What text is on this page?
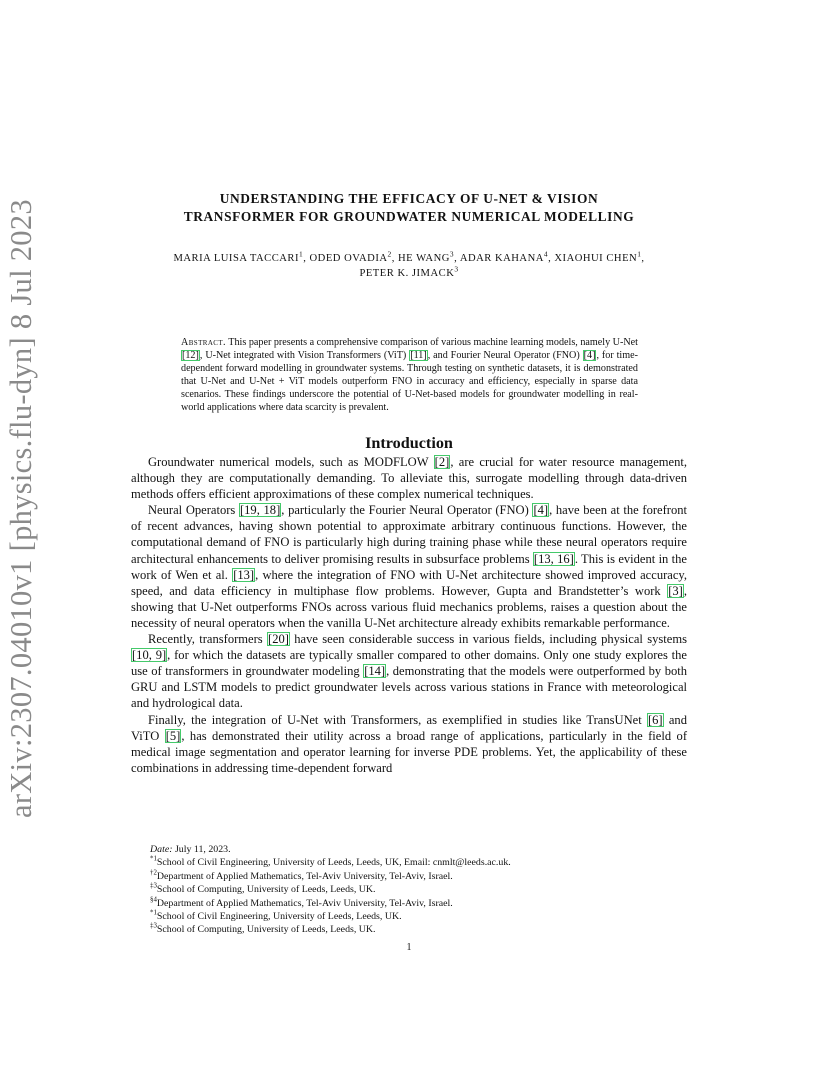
arXiv:2307.04010v1 [physics.flu-dyn] 8 Jul 2023
UNDERSTANDING THE EFFICACY OF U-NET & VISION
TRANSFORMER FOR GROUNDWATER NUMERICAL MODELLING
MARIA LUISA TACCARI$^1$, ODED OVADIA$^2$, HE WANG$^3$, ADAR KAHANA$^4$, XIAOHUI CHEN$^1$,
PETER K. JIMACK$^3$
Abstract. This paper presents a comprehensive comparison of various machine learning models, namely U-Net [12], U-Net integrated with Vision Transformers (ViT) [11], and Fourier Neural Operator (FNO) [4], for time-dependent forward modelling in groundwater systems. Through testing on synthetic datasets, it is demonstrated that U-Net and U-Net + ViT models outperform FNO in accuracy and efficiency, especially in sparse data scenarios. These findings underscore the potential of U-Net-based models for groundwater modelling in real-world applications where data scarcity is prevalent.
Introduction

Groundwater numerical models, such as MODFLOW [2], are crucial for water resource management, although they are computationally demanding. To alleviate this, surrogate modelling through data-driven methods offers efficient approximations of these complex numerical techniques.

Neural Operators [19, 18], particularly the Fourier Neural Operator (FNO) [4], have been at the forefront of recent advances, having shown potential to approximate arbitrary continuous functions. However, the computational demand of FNO is particularly high during training phase while these neural operators require architectural enhancements to deliver promising results in subsurface problems [13, 16]. This is evident in the work of Wen et al. [13], where the integration of FNO with U-Net architecture showed improved accuracy, speed, and data efficiency in multiphase flow problems. However, Gupta and Brandstetter’s work [3], showing that U-Net outperforms FNOs across various fluid mechanics problems, raises a question about the necessity of neural operators when the vanilla U-Net architecture already exhibits remarkable performance.

Recently, transformers [20] have seen considerable success in various fields, including physical systems [10, 9], for which the datasets are typically smaller compared to other domains. Only one study explores the use of transformers in groundwater modeling [14], demonstrating that the models were outperformed by both GRU and LSTM models to predict groundwater levels across various stations in France with meteorological and hydrological data.

Finally, the integration of U-Net with Transformers, as exemplified in studies like TransUNet [6] and ViTO [5], has demonstrated their utility across a broad range of applications, particularly in the field of medical image segmentation and operator learning for inverse PDE problems. Yet, the applicability of these combinations in addressing time-dependent forward

Date: July 11, 2023.
$^{*1}$School of Civil Engineering, University of Leeds, Leeds, UK, Email: cnmlt@leeds.ac.uk.
$^{\dagger 2}$Department of Applied Mathematics, Tel-Aviv University, Tel-Aviv, Israel.
$^{\ddagger 3}$School of Computing, University of Leeds, Leeds, UK.
$^{\S 4}$Department of Applied Mathematics, Tel-Aviv University, Tel-Aviv, Israel.
$^{*1}$School of Civil Engineering, University of Leeds, Leeds, UK.
$^{\ddagger 3}$School of Computing, University of Leeds, Leeds, UK.
1
